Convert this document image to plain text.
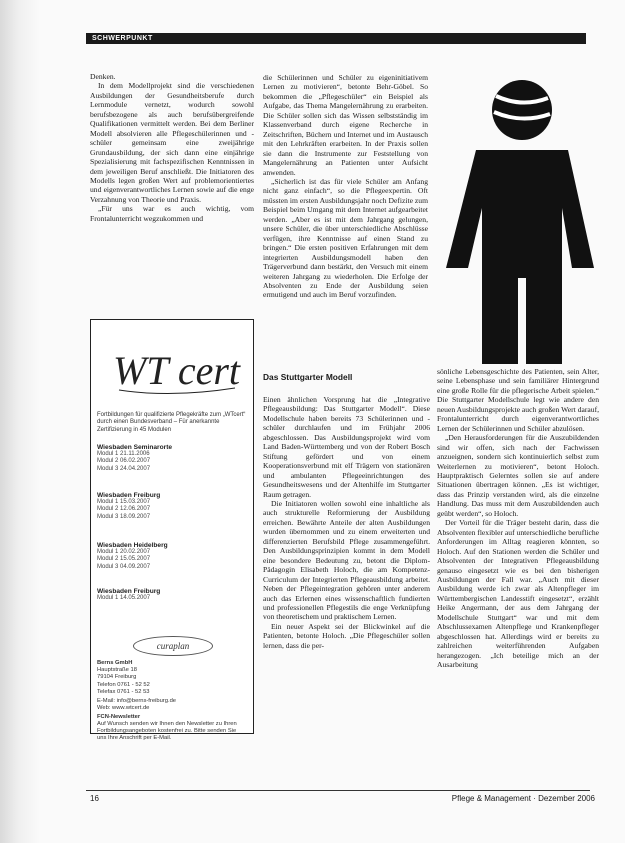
SCHWERPUNKT

Denken.

In dem Modellprojekt sind die verschiedenen Ausbildungen der Gesundheitsberufe durch Lernmodule vernetzt, wodurch sowohl berufsbezogene als auch berufsübergreifende Qualifikationen vermittelt werden. Bei dem Berliner Modell absolvieren alle Pflegeschülerinnen und -schüler gemeinsam eine zweijährige Grundausbildung, der sich dann eine einjährige Spezialisierung mit fachspezifischen Kenntnissen in dem jeweiligen Beruf anschließt. Die Initiatoren des Modells legen großen Wert auf problemorientiertes und eigenverantwortliches Lernen sowie auf die enge Verzahnung von Theorie und Praxis.

„Für uns war es auch wichtig, vom Frontalunterricht wegzukommen und

die Schülerinnen und Schüler zu eigeninitiativem Lernen zu motivieren“, betonte Behr-Göbel. So bekommen die „Pflegeschüler“ ein Beispiel als Aufgabe, das Thema Mangelernährung zu erarbeiten. Die Schüler sollen sich das Wissen selbstständig im Klassenverband durch eigene Recherche in Zeitschriften, Büchern und Internet und im Austausch mit den Lehrkräften erarbeiten. In der Praxis sollen sie dann die Instrumente zur Feststellung von Mangelernährung an Patienten unter Aufsicht anwenden.

„Sicherlich ist das für viele Schüler am Anfang nicht ganz einfach“, so die Pflegeexpertin. Oft müssten im ersten Ausbildungsjahr noch Defizite zum Beispiel beim Umgang mit dem Internet aufgearbeitet werden. „Aber es ist mit dem Jahrgang gelungen, unsere Schüler, die über unterschiedliche Abschlüsse verfügen, ihre Kenntnisse auf einen Stand zu bringen.“ Die ersten positiven Erfahrungen mit dem integrierten Ausbildungsmodell haben den Trägerverbund dann bestärkt, den Versuch mit einem weiteren Jahrgang zu wiederholen. Die Erfolge der Absolventen zu Ende der Ausbildung seien ermutigend und auch im Beruf vorzufinden.

Das Stuttgarter Modell

Einen ähnlichen Vorsprung hat die „Integrative Pflegeausbildung: Das Stuttgarter Modell“. Diese Modellschule haben bereits 73 Schülerinnen und -schüler durchlaufen und im Frühjahr 2006 abgeschlossen. Das Ausbildungsprojekt wird vom Land Baden-Württemberg und von der Robert Bosch Stiftung gefördert und von einem Kooperationsverbund mit elf Trägern von stationären und ambulanten Pflegeeinrichtungen des Gesundheitswesens und der Altenhilfe im Stuttgarter Raum getragen.

Die Initiatoren wollen sowohl eine inhaltliche als auch strukturelle Reformierung der Ausbildung erreichen. Bewährte Anteile der alten Ausbildungen wurden übernommen und zu einem erweiterten und differenzierten Berufsbild Pflege zusammengeführt. Den Ausbildungsprinzipien kommt in dem Modell eine besondere Bedeutung zu, betont die Diplom-Pädagogin Elisabeth Holoch, die am Kompetenz-Curriculum der Integrierten Pflegeausbildung arbeitet. Neben der Pflegeintegration gehören unter anderem auch das Erlernen eines wissenschaftlich fundierten und professionellen Pflegestils die enge Verknüpfung von theoretischem und praktischem Lernen.

Ein neuer Aspekt sei der Blickwinkel auf die Patienten, betonte Holoch. „Die Pflegeschüler sollen lernen, dass die per-

sönliche Lebensgeschichte des Patienten, sein Alter, seine Lebensphase und sein familiärer Hintergrund eine große Rolle für die pflegerische Arbeit spielen.“ Die Stuttgarter Modellschule legt wie andere den neuen Ausbildungsprojekte auch großen Wert darauf, Frontalunterricht durch eigenverantwortliches Lernen der Schülerinnen und Schüler abzulösen.

„Den Herausforderungen für die Auszubildenden sind wir offen, sich nach der Fachwissen anzueignen, sondern sich kontinuierlich selbst zum Weiterlernen zu motivieren“, betont Holoch. Hauptpraktisch Gelerntes sollen sie auf andere Situationen übertragen können. „Es ist wichtiger, dass das Prinzip verstanden wird, als die einzelne Handlung. Das muss mit dem Auszubildenden auch geübt werden“, so Holoch.

Der Vorteil für die Träger besteht darin, dass die Absolventen flexibler auf unterschiedliche berufliche Anforderungen im Alltag reagieren könnten, so Holoch. Auf den Stationen werden die Schüler und Absolventen der Integrativen Pflegeausbildung genauso eingesetzt wie es bei den bisherigen Ausbildungen der Fall war. „Auch mit dieser Ausbildung werde ich zwar als Altenpfleger im Württembergischen Landesstift eingesetzt“, erzählt Heike Angermann, der aus dem Jahrgang der Modellschule Stuttgart“ war und mit dem Abschlussexamen Altenpflege und Krankenpfleger abgeschlossen hat. Allerdings wird er bereits zu zahlreichen weiterführenden Aufgaben herangezogen. „Ich beteilige mich an der Ausarbeitung

WT cert
Fortbildungen für qualifizierte Pflegekräfte zum „WTcert“ durch einen Bundesverband – Für anerkannte Zertifizierung in 45 Modulen
Wiesbaden Seminarorte
Modul 1 21.11.2006
Modul 2 06.02.2007
Modul 3 24.04.2007
Wiesbaden Freiburg
Modul 1 15.03.2007
Modul 2 12.06.2007
Modul 3 18.09.2007
Wiesbaden Heidelberg
Modul 1 20.02.2007
Modul 2 15.05.2007
Modul 3 04.09.2007
Wiesbaden Freiburg
Modul 1 14.05.2007
curaplan
Berns GmbH
Hauptstraße 18
79104 Freiburg
Telefon 0761 - 52 52
Telefax 0761 - 52 53
E-Mail: info@berns-freiburg.de
Web: www.wtcert.de
FCN-Newsletter
Auf Wunsch senden wir Ihnen den Newsletter zu Ihren Fortbildungsangeboten kostenfrei zu. Bitte senden Sie uns Ihre Anschrift per E-Mail.
16	Pflege & Management · Dezember 2006
